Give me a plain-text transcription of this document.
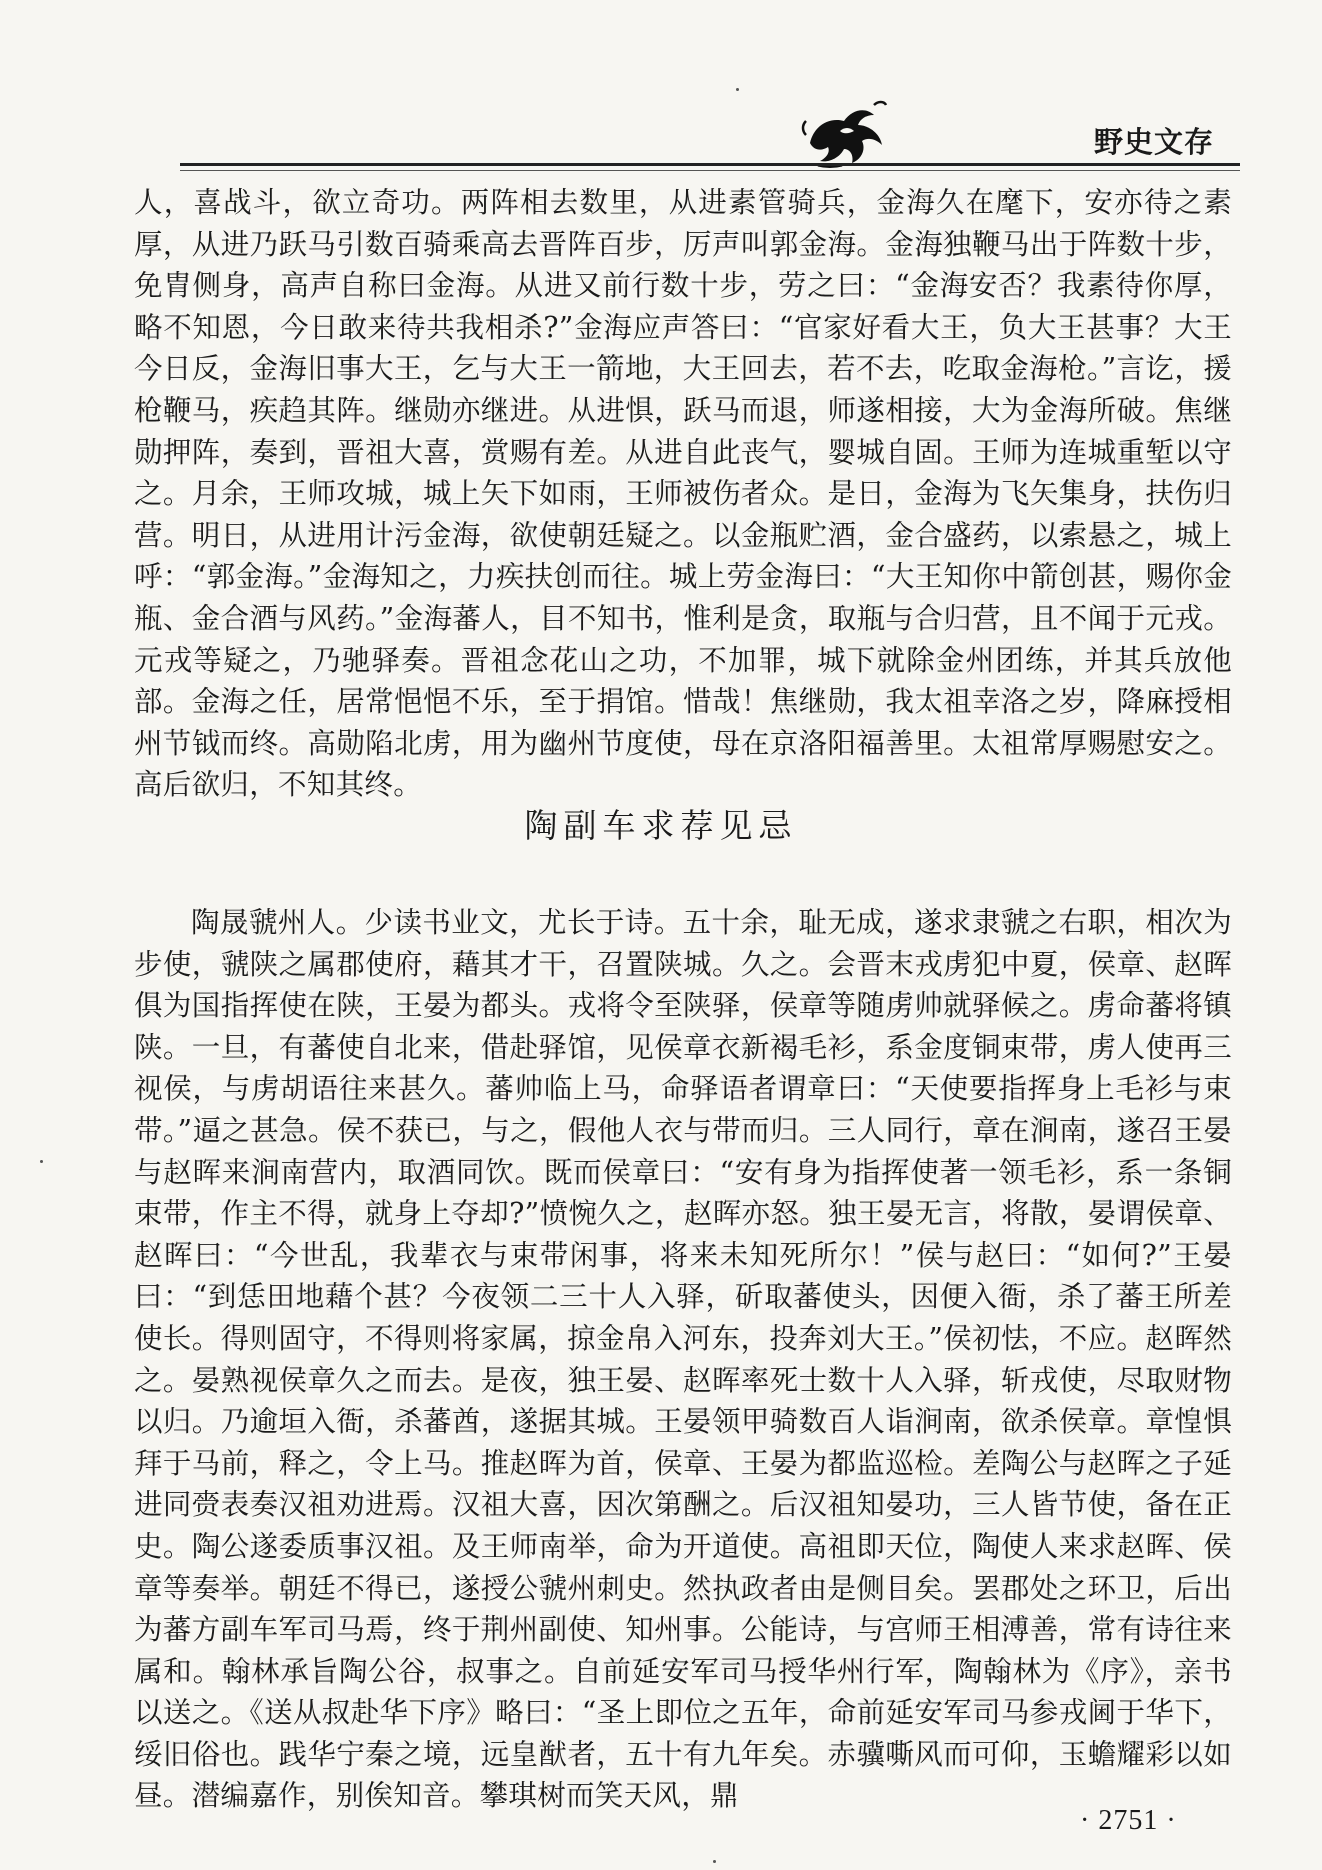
野史文存

人，喜战斗，欲立奇功。两阵相去数里，从进素管骑兵，金海久在麾下，安亦待之素厚，从进乃跃马引数百骑乘高去晋阵百步，厉声叫郭金海。金海独鞭马出于阵数十步，免胄侧身，高声自称曰金海。从进又前行数十步，劳之曰：“金海安否？我素待你厚，略不知恩，今日敢来待共我相杀?”金海应声答曰：“官家好看大王，负大王甚事？大王今日反，金海旧事大王，乞与大王一箭地，大王回去，若不去，吃取金海枪。”言讫，援枪鞭马，疾趋其阵。继勋亦继进。从进惧，跃马而退，师遂相接，大为金海所破。焦继勋押阵，奏到，晋祖大喜，赏赐有差。从进自此丧气，婴城自固。王师为连城重堑以守之。月余，王师攻城，城上矢下如雨，王师被伤者众。是日，金海为飞矢集身，扶伤归营。明日，从进用计污金海，欲使朝廷疑之。以金瓶贮酒，金合盛药，以索悬之，城上呼：“郭金海。”金海知之，力疾扶创而往。城上劳金海曰：“大王知你中箭创甚，赐你金瓶、金合酒与风药。”金海蕃人，目不知书，惟利是贪，取瓶与合归营，且不闻于元戎。元戎等疑之，乃驰驿奏。晋祖念花山之功，不加罪，城下就除金州团练，并其兵放他部。金海之任，居常悒悒不乐，至于捐馆。惜哉！焦继勋，我太祖幸洛之岁，降麻授相州节钺而终。高勋陷北虏，用为幽州节度使，母在京洛阳福善里。太祖常厚赐慰安之。高后欲归，不知其终。

陶副车求荐见忌

陶晟虢州人。少读书业文，尤长于诗。五十余，耻无成，遂求隶虢之右职，相次为步使，虢陕之属郡使府，藉其才干，召置陕城。久之。会晋末戎虏犯中夏，侯章、赵晖俱为国指挥使在陕，王晏为都头。戎将令至陕驿，侯章等随虏帅就驿候之。虏命蕃将镇陕。一旦，有蕃使自北来，借赴驿馆，见侯章衣新褐毛衫，系金度铜束带，虏人使再三视侯，与虏胡语往来甚久。蕃帅临上马，命驿语者谓章曰：“天使要指挥身上毛衫与束带。”逼之甚急。侯不获已，与之，假他人衣与带而归。三人同行，章在涧南，遂召王晏与赵晖来涧南营内，取酒同饮。既而侯章曰：“安有身为指挥使著一领毛衫，系一条铜束带，作主不得，就身上夺却?”愤惋久之，赵晖亦怒。独王晏无言，将散，晏谓侯章、赵晖曰：“今世乱，我辈衣与束带闲事，将来未知死所尔！”侯与赵曰：“如何?”王晏曰：“到恁田地藉个甚？今夜领二三十人入驿，斫取蕃使头，因便入衙，杀了蕃王所差使长。得则固守，不得则将家属，掠金帛入河东，投奔刘大王。”侯初怯，不应。赵晖然之。晏熟视侯章久之而去。是夜，独王晏、赵晖率死士数十人入驿，斩戎使，尽取财物以归。乃逾垣入衙，杀蕃酋，遂据其城。王晏领甲骑数百人诣涧南，欲杀侯章。章惶惧拜于马前，释之，令上马。推赵晖为首，侯章、王晏为都监巡检。差陶公与赵晖之子延进同赍表奏汉祖劝进焉。汉祖大喜，因次第酬之。后汉祖知晏功，三人皆节使，备在正史。陶公遂委质事汉祖。及王师南举，命为开道使。高祖即天位，陶使人来求赵晖、侯章等奏举。朝廷不得已，遂授公虢州刺史。然执政者由是侧目矣。罢郡处之环卫，后出为蕃方副车军司马焉，终于荆州副使、知州事。公能诗，与宫师王相溥善，常有诗往来属和。翰林承旨陶公谷，叔事之。自前延安军司马授华州行军，陶翰林为《序》，亲书以送之。《送从叔赴华下序》略曰：“圣上即位之五年，命前延安军司马参戎阃于华下，绥旧俗也。践华宁秦之境，远皇猷者，五十有九年矣。赤骥嘶风而可仰，玉蟾耀彩以如昼。潜编嘉作，别俟知音。攀琪树而笑天风，鼎

· 2751 ·
